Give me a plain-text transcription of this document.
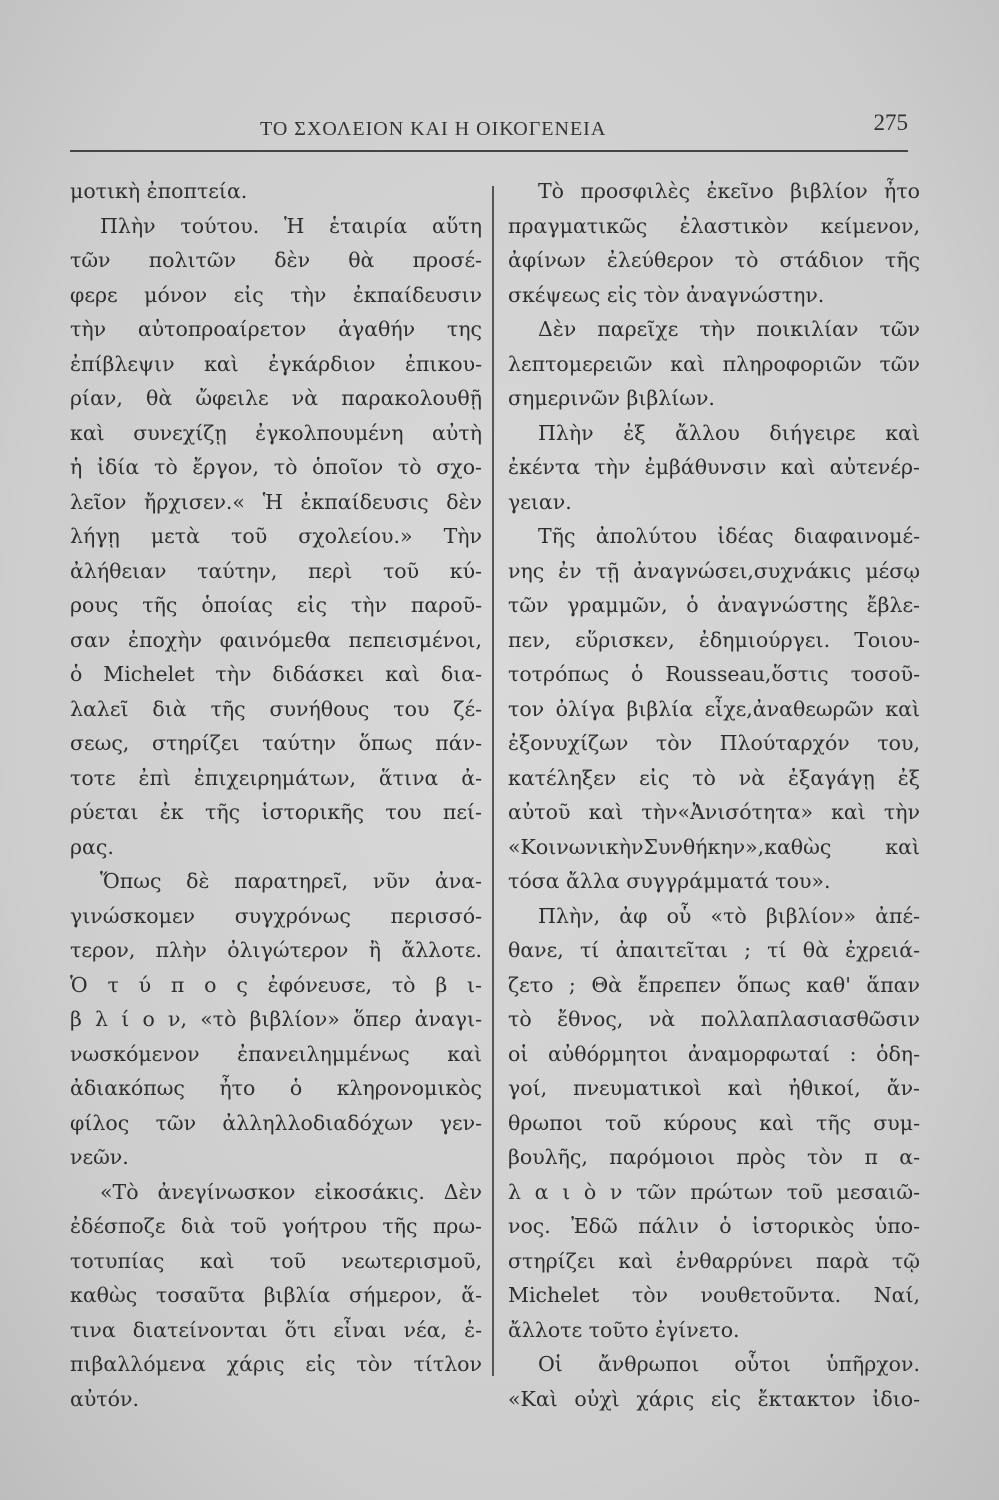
ΤΟ ΣΧΟΛΕΙΟΝ ΚΑΙ Η ΟΙΚΟΓΕΝΕΙΑ	275
μοτικὴ ἐποπτεία.
Πλὴν τούτου. Ἡ ἑταιρία αὕτη
τῶν πολιτῶν δὲν θὰ προσέ-
φερε μόνον εἰς τὴν ἐκπαίδευσιν
τὴν αὐτοπροαίρετον ἀγαθήν της
ἐπίβλεψιν καὶ ἐγκάρδιον ἐπικου-
ρίαν, θὰ ὤφειλε νὰ παρακολουθῇ
καὶ συνεχίζῃ ἐγκολπουμένη αὐτὴ
ἡ ἰδία τὸ ἔργον, τὸ ὁποῖον τὸ σχο-
λεῖον ἤρχισεν.« Ἡ ἐκπαίδευσις δὲν
λήγῃ μετὰ τοῦ σχολείου.» Τὴν
ἀλήθειαν ταύτην, περὶ τοῦ κύ-
ρους τῆς ὁποίας εἰς τὴν παροῦ-
σαν ἐποχὴν φαινόμεθα πεπεισμένοι,
ὁ Michelet τὴν διδάσκει καὶ δια-
λαλεῖ διὰ τῆς συνήθους του ζέ-
σεως, στηρίζει ταύτην ὅπως πάν-
τοτε ἐπὶ ἐπιχειρημάτων, ἅτινα ἀ-
ρύεται ἐκ τῆς ἱστορικῆς του πεί-
ρας.
Ὅπως δὲ παρατηρεῖ, νῦν ἀνα-
γινώσκομεν συγχρόνως περισσό-
τερον, πλὴν ὀλιγώτερον ἢ ἄλλοτε.
Ὁ τ ύ π ο ς ἐφόνευσε, τὸ β ι-
β λ ί ο ν, «τὸ βιβλίον» ὅπερ ἀναγι-
νωσκόμενον ἐπανειλημμένως καὶ
ἀδιακόπως ἦτο ὁ κληρονομικὸς
φίλος τῶν ἀλληλλοδιαδόχων γεν-
νεῶν.
«Τὸ ἀνεγίνωσκον εἰκοσάκις. Δὲν
ἐδέσποζε διὰ τοῦ γοήτρου τῆς πρω-
τοτυπίας καὶ τοῦ νεωτερισμοῦ,
καθὼς τοσαῦτα βιβλία σήμερον, ἅ-
τινα διατείνονται ὅτι εἶναι νέα, ἐ-
πιβαλλόμενα χάρις εἰς τὸν τίτλον
αὐτόν.
Τὸ προσφιλὲς ἐκεῖνο βιβλίον ἦτο
πραγματικῶς ἐλαστικὸν κείμενον,
ἀφίνων ἐλεύθερον τὸ στάδιον τῆς
σκέψεως εἰς τὸν ἀναγνώστην.
Δὲν παρεῖχε τὴν ποικιλίαν τῶν
λεπτομερειῶν καὶ πληροφοριῶν τῶν
σημερινῶν βιβλίων.
Πλὴν ἐξ ἄλλου διήγειρε καὶ
ἐκέντα τὴν ἐμβάθυνσιν καὶ αὐτενέρ-
γειαν.
Τῆς ἀπολύτου ἰδέας διαφαινομέ-
νης ἐν τῇ ἀναγνώσει,συχνάκις μέσῳ
τῶν γραμμῶν, ὁ ἀναγνώστης ἔβλε-
πεν, εὕρισκεν, ἐδημιούργει. Τοιου-
τοτρόπως ὁ Rousseau,ὅστις τοσοῦ-
τον ὀλίγα βιβλία εἶχε,ἀναθεωρῶν καὶ
ἐξονυχίζων τὸν Πλούταρχόν του,
κατέληξεν εἰς τὸ νὰ ἐξαγάγῃ ἐξ
αὐτοῦ καὶ τὴν«Ἀνισότητα» καὶ τὴν
«ΚοινωνικὴνΣυνθήκην»,καθὼς καὶ
τόσα ἄλλα συγγράμματά του».
Πλὴν, ἀφ οὗ «τὸ βιβλίον» ἀπέ-
θανε, τί ἀπαιτεῖται ; τί θὰ ἐχρειά-
ζετο ; Θὰ ἔπρεπεν ὅπως καθ' ἅπαν
τὸ ἔθνος, νὰ πολλαπλασιασθῶσιν
οἱ αὐθόρμητοι ἀναμορφωταί : ὁδη-
γοί, πνευματικοὶ καὶ ἠθικοί, ἄν-
θρωποι τοῦ κύρους καὶ τῆς συμ-
βουλῆς, παρόμοιοι πρὸς τὸν π α-
λ α ι ὸ ν τῶν πρώτων τοῦ μεσαιῶ-
νος. Ἐδῶ πάλιν ὁ ἱστορικὸς ὑπο-
στηρίζει καὶ ἐνθαρρύνει παρὰ τῷ
Michelet τὸν νουθετοῦντα. Ναί,
ἄλλοτε τοῦτο ἐγίνετο.
Οἱ ἄνθρωποι οὗτοι ὑπῆρχον.
«Καὶ οὐχὶ χάρις εἰς ἔκτακτον ἰδιο-
